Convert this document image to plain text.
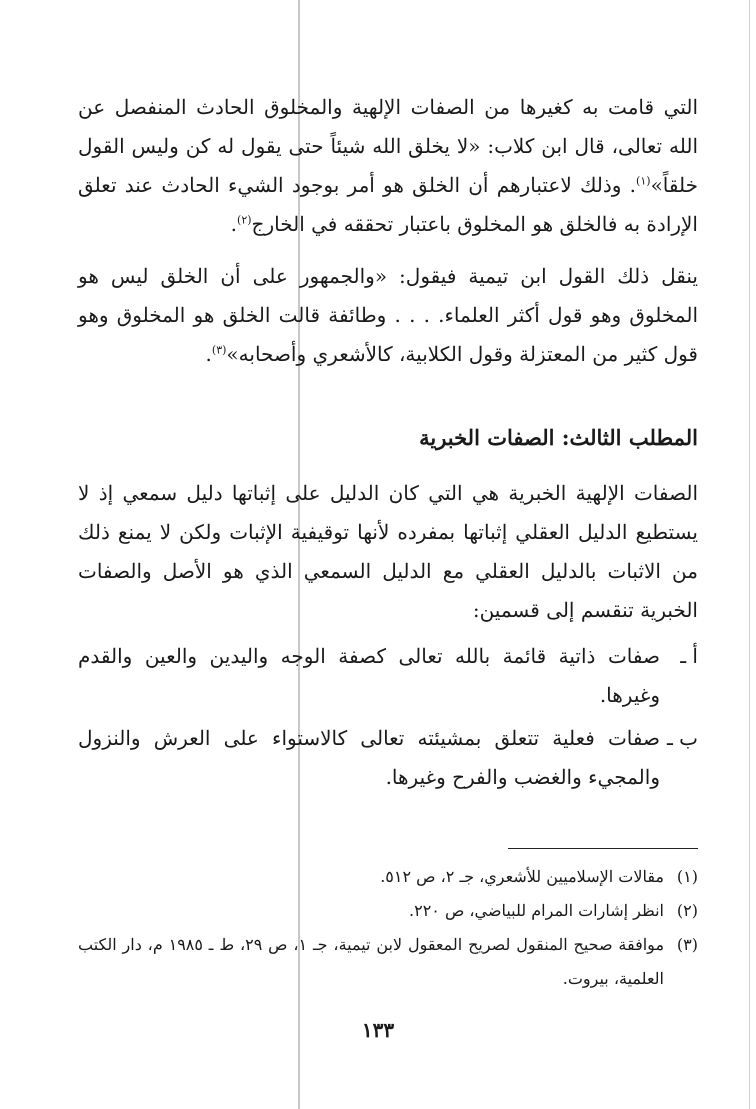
التي قامت به كغيرها من الصفات الإلهية والمخلوق الحادث المنفصل عن الله تعالى، قال ابن كلاب: «لا يخلق الله شيئاً حتى يقول له كن وليس القول خلقاً»$^{(١)}$. وذلك لاعتبارهم أن الخلق هو أمر بوجود الشيء الحادث عند تعلق الإرادة به فالخلق هو المخلوق باعتبار تحققه في الخارج$^{(٢)}$.

ينقل ذلك القول ابن تيمية فيقول: «والجمهور على أن الخلق ليس هو المخلوق وهو قول أكثر العلماء. . . . وطائفة قالت الخلق هو المخلوق وهو قول كثير من المعتزلة وقول الكلابية، كالأشعري وأصحابه»$^{(٣)}$.

المطلب الثالث: الصفات الخبرية

الصفات الإلهية الخبرية هي التي كان الدليل على إثباتها دليل سمعي إذ لا يستطيع الدليل العقلي إثباتها بمفرده لأنها توقيفية الإثبات ولكن لا يمنع ذلك من الاثبات بالدليل العقلي مع الدليل السمعي الذي هو الأصل والصفات الخبرية تنقسم إلى قسمين:

أ ـ
صفات ذاتية قائمة بالله تعالى كصفة الوجه واليدين والعين والقدم وغيرها.
ب ـ
صفات فعلية تتعلق بمشيئته تعالى كالاستواء على العرش والنزول والمجيء والغضب والفرح وغيرها.
(١)
مقالات الإسلاميين للأشعري، جـ ٢، ص ٥١٢.
(٢)
انظر إشارات المرام للبياضي، ص ٢٢٠.
(٣)
موافقة صحيح المنقول لصريح المعقول لابن تيمية، جـ ١، ص ٢٩، ط ـ ١٩٨٥ م، دار الكتب العلمية، بيروت.
١٣٣
